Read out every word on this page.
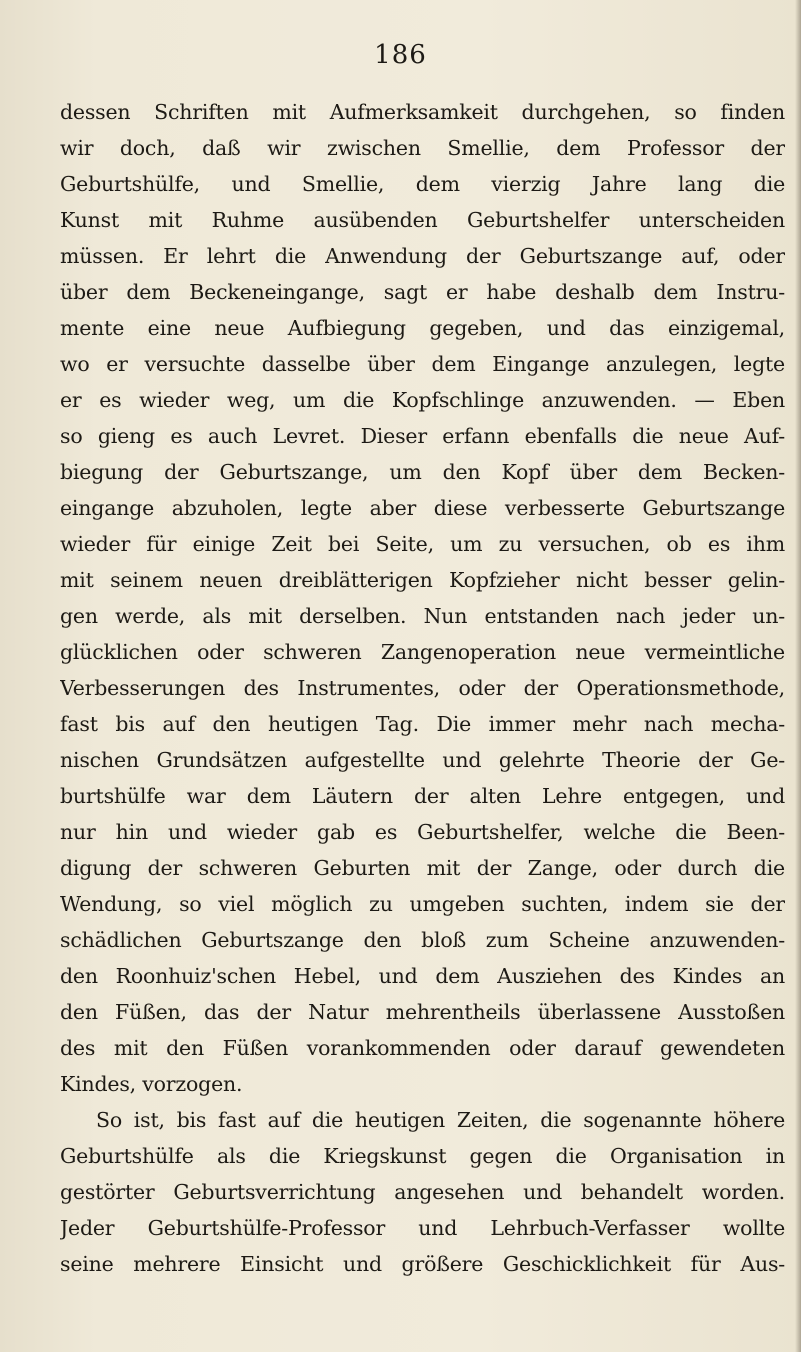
186
dessen Schriften mit Aufmerksamkeit durchgehen, so finden
wir doch, daß wir zwischen Smellie, dem Professor der
Geburtshülfe, und Smellie, dem vierzig Jahre lang die
Kunst mit Ruhme ausübenden Geburtshelfer unterscheiden
müssen. Er lehrt die Anwendung der Geburtszange auf, oder
über dem Beckeneingange, sagt er habe deshalb dem Instru-
mente eine neue Aufbiegung gegeben, und das einzigemal,
wo er versuchte dasselbe über dem Eingange anzulegen, legte
er es wieder weg, um die Kopfschlinge anzuwenden. — Eben
so gieng es auch Levret. Dieser erfann ebenfalls die neue Auf-
biegung der Geburtszange, um den Kopf über dem Becken-
eingange abzuholen, legte aber diese verbesserte Geburtszange
wieder für einige Zeit bei Seite, um zu versuchen, ob es ihm
mit seinem neuen dreiblätterigen Kopfzieher nicht besser gelin-
gen werde, als mit derselben. Nun entstanden nach jeder un-
glücklichen oder schweren Zangenoperation neue vermeintliche
Verbesserungen des Instrumentes, oder der Operationsmethode,
fast bis auf den heutigen Tag. Die immer mehr nach mecha-
nischen Grundsätzen aufgestellte und gelehrte Theorie der Ge-
burtshülfe war dem Läutern der alten Lehre entgegen, und
nur hin und wieder gab es Geburtshelfer, welche die Been-
digung der schweren Geburten mit der Zange, oder durch die
Wendung, so viel möglich zu umgeben suchten, indem sie der
schädlichen Geburtszange den bloß zum Scheine anzuwenden-
den Roonhuiz'schen Hebel, und dem Ausziehen des Kindes an
den Füßen, das der Natur mehrentheils überlassene Ausstoßen
des mit den Füßen vorankommenden oder darauf gewendeten
Kindes, vorzogen.
So ist, bis fast auf die heutigen Zeiten, die sogenannte höhere
Geburtshülfe als die Kriegskunst gegen die Organisation in
gestörter Geburtsverrichtung angesehen und behandelt worden.
Jeder Geburtshülfe-Professor und Lehrbuch-Verfasser wollte
seine mehrere Einsicht und größere Geschicklichkeit für Aus-
